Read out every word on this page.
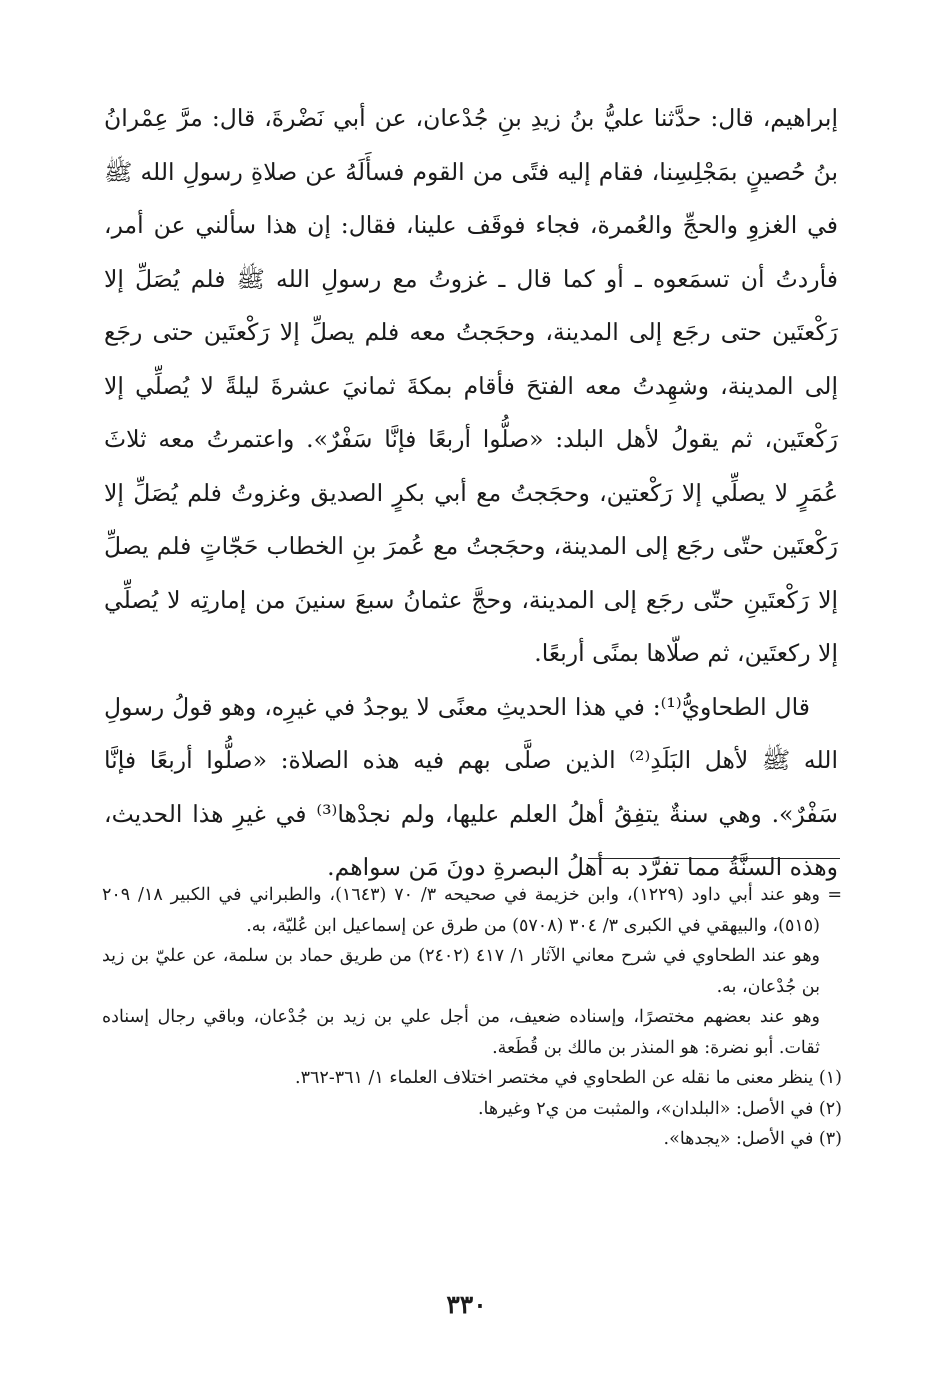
إبراهيم، قال: حدَّثنا عليُّ بنُ زيدِ بنِ جُدْعان، عن أبي نَضْرةَ، قال: مرَّ عِمْرانُ بنُ حُصينٍ بمَجْلِسِنا، فقام إليه فتًى من القوم فسأَلَهُ عن صلاةِ رسولِ الله ﷺ في الغزوِ والحجِّ والعُمرة، فجاء فوقَف علينا، فقال: إن هذا سألني عن أمر، فأردتُ أن تسمَعوه ـ أو كما قال ـ غزوتُ مع رسولِ الله ﷺ فلم يُصَلِّ إلا رَكْعتَين حتى رجَع إلى المدينة، وحجَجتُ معه فلم يصلِّ إلا رَكْعتَين حتى رجَع إلى المدينة، وشهِدتُ معه الفتحَ فأقام بمكةَ ثمانيَ عشرةَ ليلةً لا يُصلِّي إلا رَكْعتَين، ثم يقولُ لأهل البلد: «صلُّوا أربعًا فإنَّا سَفْرٌ». واعتمرتُ معه ثلاثَ عُمَرٍ لا يصلِّي إلا رَكْعتين، وحجَجتُ مع أبي بكرٍ الصديق وغزوتُ فلم يُصَلِّ إلا رَكْعتَين حتّى رجَع إلى المدينة، وحجَجتُ مع عُمرَ بنِ الخطاب حَجّاتٍ فلم يصلِّ إلا رَكْعتَينِ حتّى رجَع إلى المدينة، وحجَّ عثمانُ سبعَ سنينَ من إمارتِه لا يُصلِّي إلا ركعتَين، ثم صلّاها بمنًى أربعًا.

قال الطحاويُّ⁽¹⁾: في هذا الحديثِ معنًى لا يوجدُ في غيرِه، وهو قولُ رسولِ الله ﷺ لأهل البَلَدِ⁽²⁾ الذين صلَّى بهم فيه هذه الصلاة: «صلُّوا أربعًا فإنَّا سَفْرٌ». وهي سنةٌ يتفِقُ أهلُ العلم عليها، ولم نجدْها⁽³⁾ في غيرِ هذا الحديث، وهذه السنَّةُ مما تفرَّد به أهلُ البصرةِ دونَ مَن سواهم.

=
وهو عند أبي داود (١٢٢٩)، وابن خزيمة في صحيحه ٣/ ٧٠ (١٦٤٣)، والطبراني في الكبير ١٨/ ٢٠٩ (٥١٥)، والبيهقي في الكبرى ٣/ ٣٠٤ (٥٧٠٨) من طرق عن إسماعيل ابن عُليّة، به.

وهو عند الطحاوي في شرح معاني الآثار ١/ ٤١٧ (٢٤٠٢) من طريق حماد بن سلمة، عن عليّ بن زيد بن جُدْعان، به.

وهو عند بعضهم مختصرًا، وإسناده ضعيف، من أجل علي بن زيد بن جُدْعان، وباقي رجال إسناده ثقات. أبو نضرة: هو المنذر بن مالك بن قُطَعة.

(١) ينظر معنى ما نقله عن الطحاوي في مختصر اختلاف العلماء ١/ ٣٦١-٣٦٢.

(٢) في الأصل: «البلدان»، والمثبت من ي٢ وغيرها.

(٣) في الأصل: «يجدها».

٣٣٠
